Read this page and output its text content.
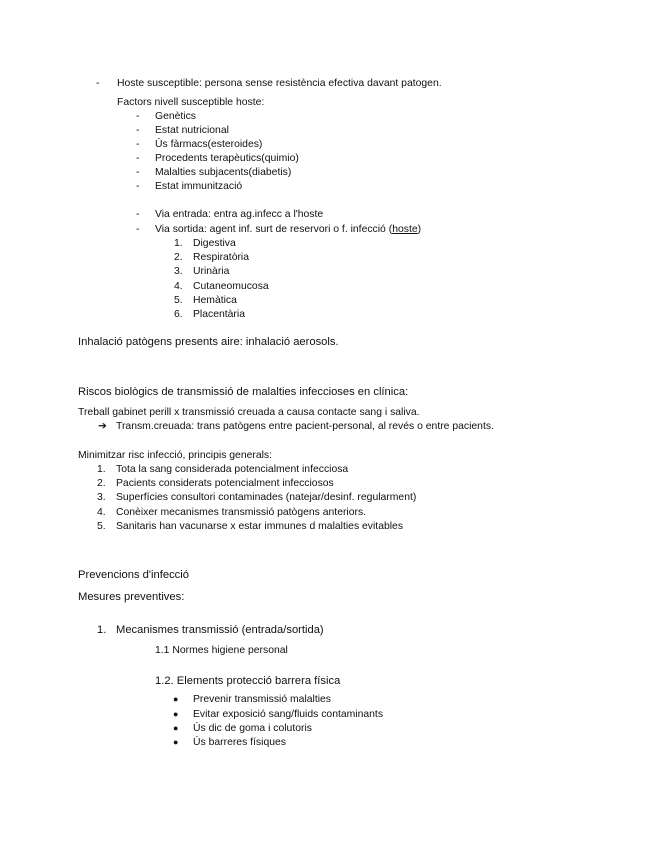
- Hoste susceptible: persona sense resistència efectiva davant patogen.
Factors nivell susceptible hoste:
- Genètics
- Estat nutricional
- Ús fàrmacs(esteroides)
- Procedents terapèutics(quimio)
- Malalties subjacents(diabetis)
- Estat immunització
- Via entrada: entra ag.infecc a l'hoste
- Via sortida: agent inf. surt de reservori o f. infecció (hoste)
1. Digestiva
2. Respiratòria
3. Urinària
4. Cutaneomucosa
5. Hemàtica
6. Placentària
Inhalació patògens presents aire: inhalació aerosols.
Riscos biològics de transmissió de malalties infeccioses en clínica:
Treball gabinet perill x transmissió creuada a causa contacte sang i saliva.
➔ Transm.creuada: trans patògens entre pacient-personal, al revés o entre pacients.
Minimitzar risc infecció, principis generals:
1. Tota la sang considerada potencialment infecciosa
2. Pacients considerats potencialment infecciosos
3. Superfícies consultori contaminades (natejar/desinf. regularment)
4. Conèixer mecanismes transmissió patògens anteriors.
5. Sanitaris han vacunarse x estar immunes d malalties evitables
Prevencions d'infecció
Mesures preventives:
1. Mecanismes transmissió (entrada/sortida)
1.1 Normes higiene personal
1.2. Elements protecció barrera física
● Prevenir transmissió malalties
● Evitar exposició sang/fluids contaminants
● Ús dic de goma i colutoris
● Ús barreres físiques
